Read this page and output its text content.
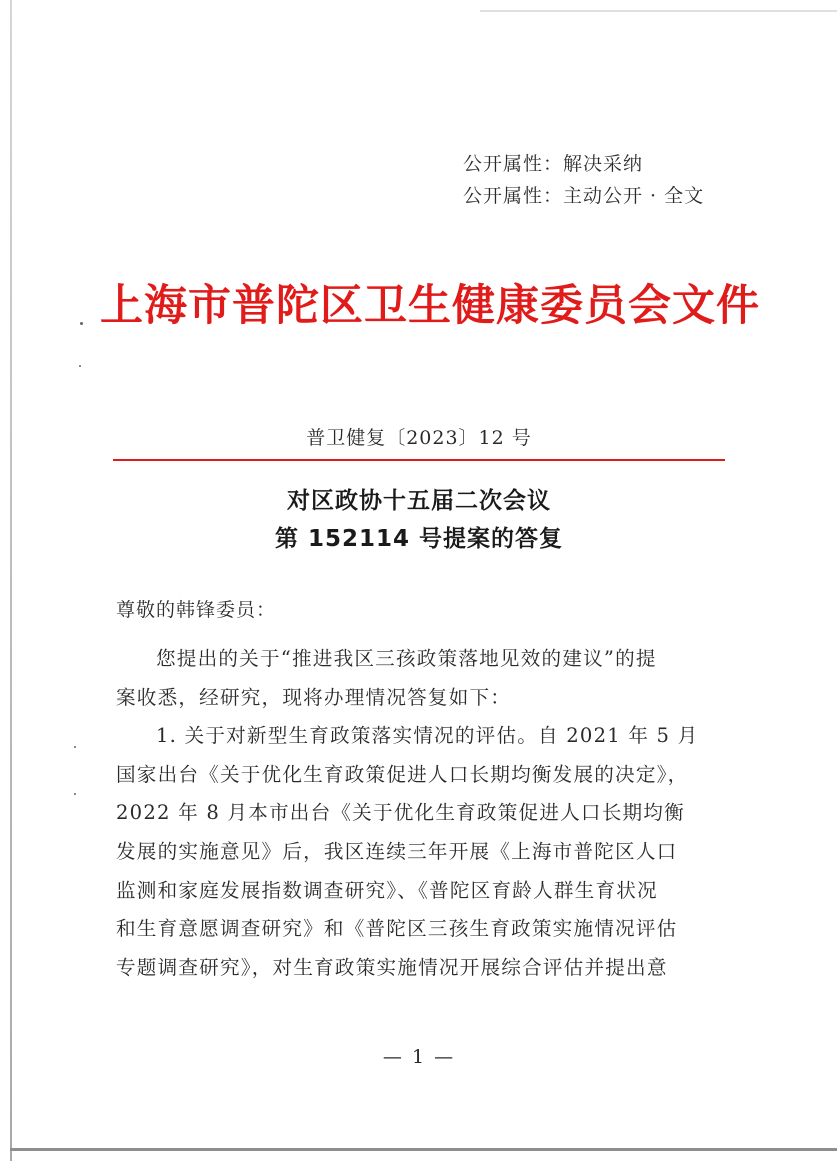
公开属性：解决采纳
公开属性：主动公开 · 全文
上海市普陀区卫生健康委员会文件
普卫健复〔2023〕12 号
对区政协十五届二次会议
第 152114 号提案的答复
尊敬的韩锋委员：
您提出的关于“推进我区三孩政策落地见效的建议”的提
案收悉，经研究，现将办理情况答复如下：
1. 关于对新型生育政策落实情况的评估。自 2021 年 5 月
国家出台《关于优化生育政策促进人口长期均衡发展的决定》，
2022 年 8 月本市出台《关于优化生育政策促进人口长期均衡
发展的实施意见》后，我区连续三年开展《上海市普陀区人口
监测和家庭发展指数调查研究》、《普陀区育龄人群生育状况
和生育意愿调查研究》和《普陀区三孩生育政策实施情况评估
专题调查研究》，对生育政策实施情况开展综合评估并提出意
— 1 —
